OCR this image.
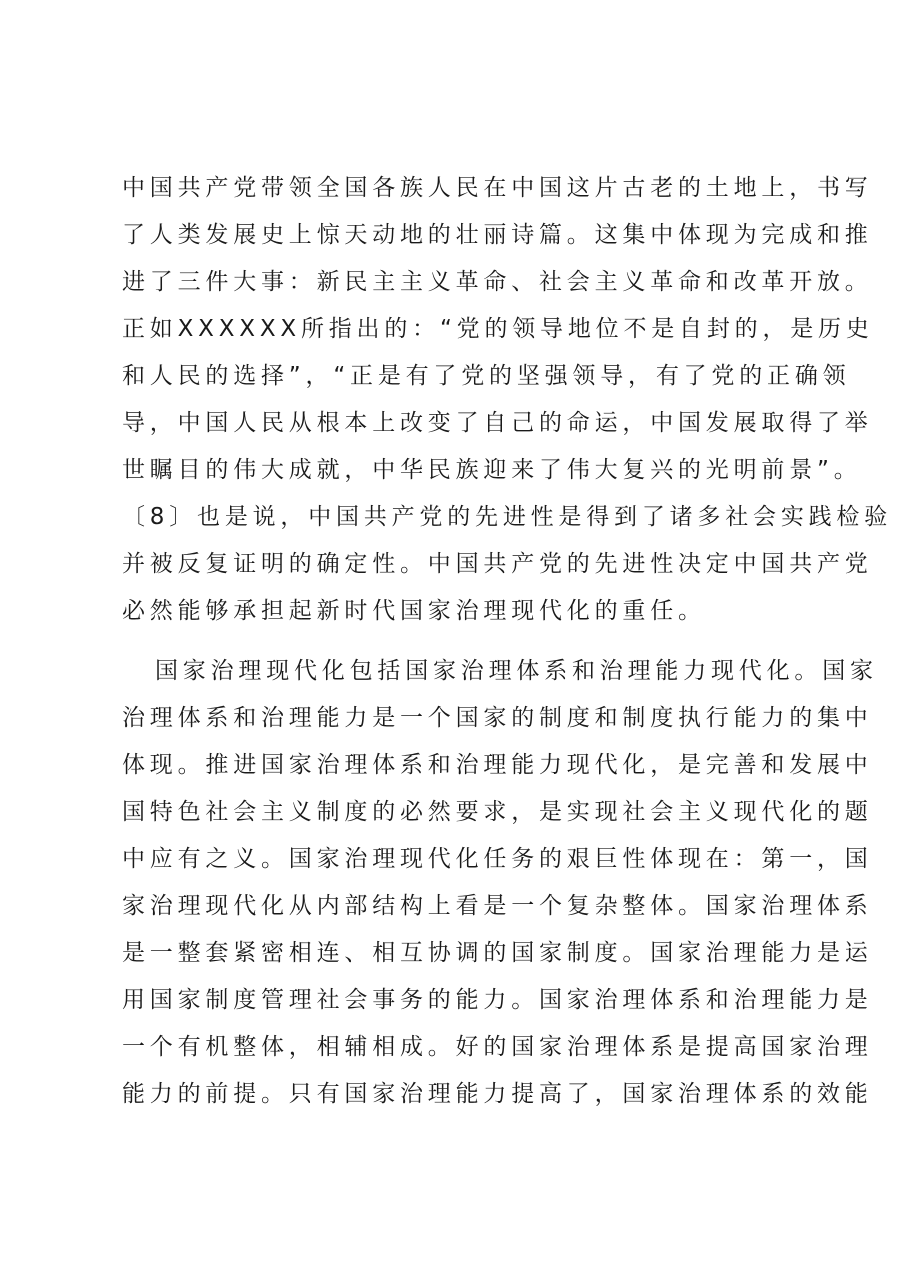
中国共产党带领全国各族人民在中国这片古老的土地上，书写
了人类发展史上惊天动地的壮丽诗篇。这集中体现为完成和推
进了三件大事：新民主主义革命、社会主义革命和改革开放。
正如XXXXXX所指出的：“党的领导地位不是自封的，是历史
和人民的选择”，“正是有了党的坚强领导，有了党的正确领
导，中国人民从根本上改变了自己的命运，中国发展取得了举
世瞩目的伟大成就，中华民族迎来了伟大复兴的光明前景”。
〔8〕也是说，中国共产党的先进性是得到了诸多社会实践检验
并被反复证明的确定性。中国共产党的先进性决定中国共产党
必然能够承担起新时代国家治理现代化的重任。
国家治理现代化包括国家治理体系和治理能力现代化。国家
治理体系和治理能力是一个国家的制度和制度执行能力的集中
体现。推进国家治理体系和治理能力现代化，是完善和发展中
国特色社会主义制度的必然要求，是实现社会主义现代化的题
中应有之义。国家治理现代化任务的艰巨性体现在：第一，国
家治理现代化从内部结构上看是一个复杂整体。国家治理体系
是一整套紧密相连、相互协调的国家制度。国家治理能力是运
用国家制度管理社会事务的能力。国家治理体系和治理能力是
一个有机整体，相辅相成。好的国家治理体系是提高国家治理
能力的前提。只有国家治理能力提高了，国家治理体系的效能
